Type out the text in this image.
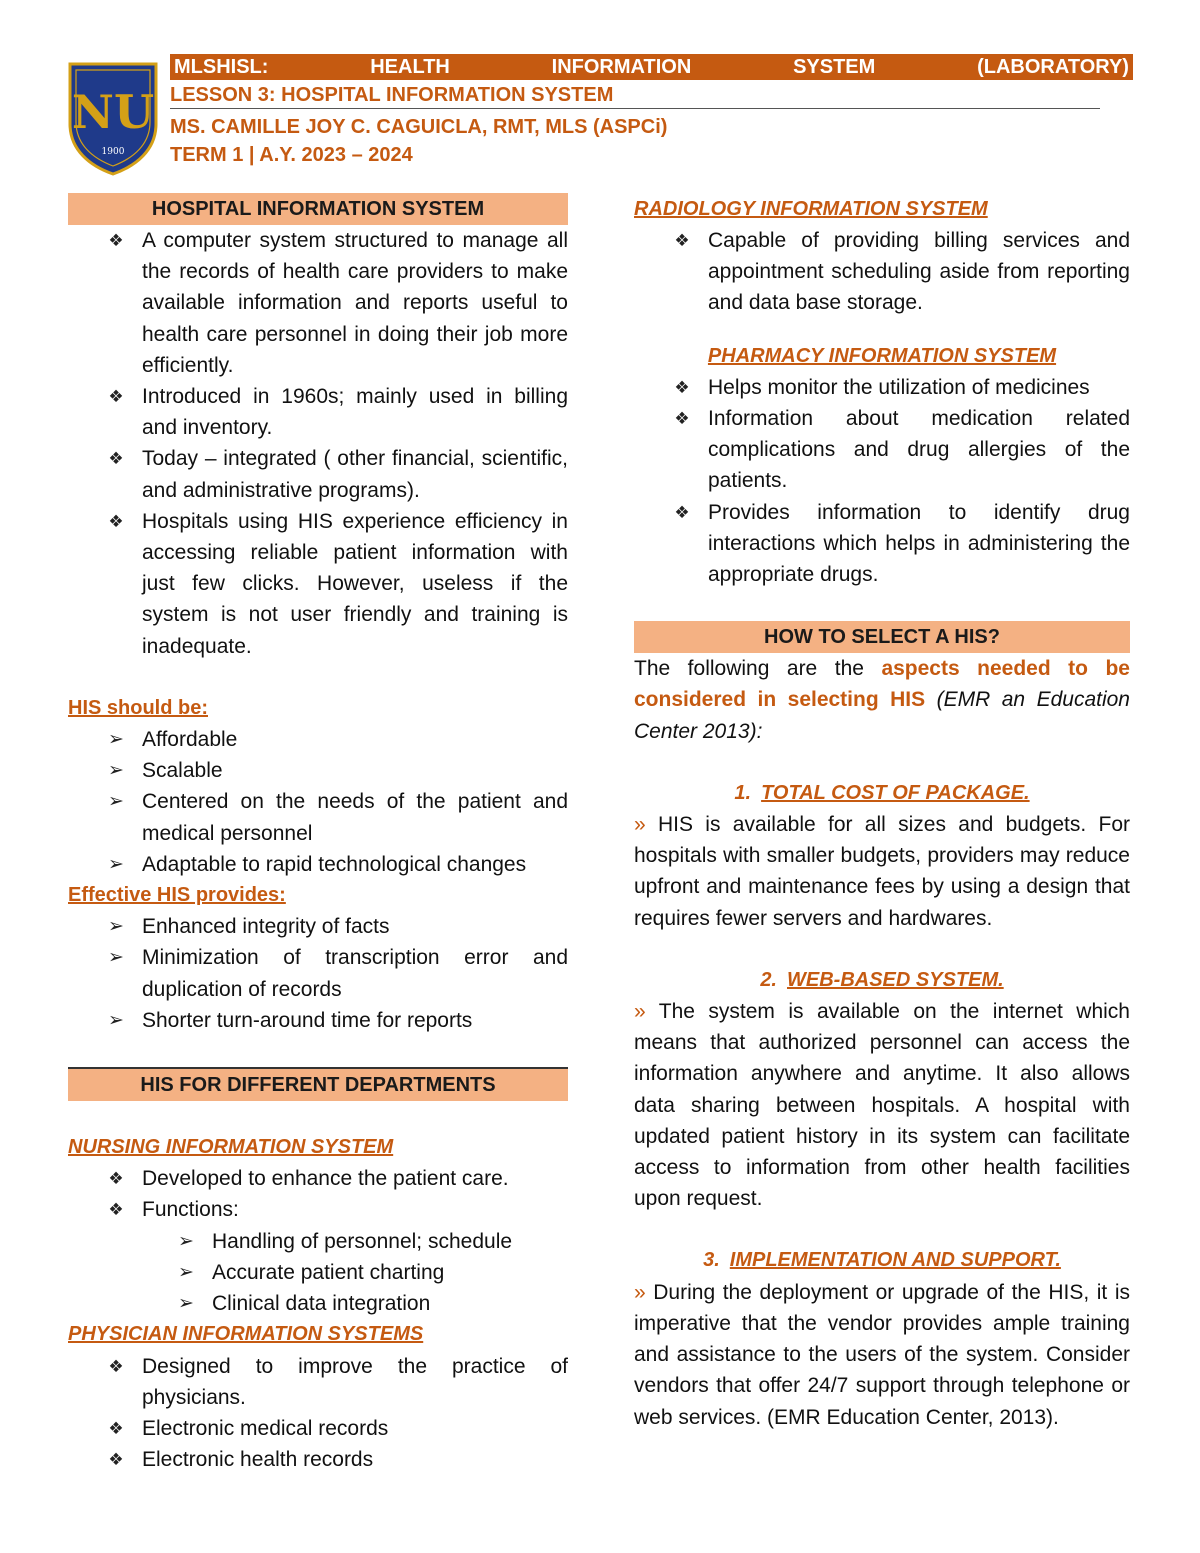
NU
1900
MLSHISL:	HEALTH	INFORMATION	SYSTEM	(LABORATORY)
LESSON 3: HOSPITAL INFORMATION SYSTEM
MS. CAMILLE JOY C. CAGUICLA, RMT, MLS (ASPCi)
TERM 1 | A.Y. 2023 – 2024
HOSPITAL INFORMATION SYSTEM
❖ A computer system structured to manage all the records of health care providers to make available information and reports useful to health care personnel in doing their job more efficiently.
❖ Introduced in 1960s; mainly used in billing and inventory.
❖ Today – integrated ( other financial, scientific, and administrative programs).
❖ Hospitals using HIS experience efficiency in accessing reliable patient information with just few clicks. However, useless if the system is not user friendly and training is inadequate.
HIS should be:
➢ Affordable
➢ Scalable
➢ Centered on the needs of the patient and medical personnel
➢ Adaptable to rapid technological changes
Effective HIS provides:
➢ Enhanced integrity of facts
➢ Minimization of transcription error and duplication of records
➢ Shorter turn-around time for reports
HIS FOR DIFFERENT DEPARTMENTS
NURSING INFORMATION SYSTEM
❖ Developed to enhance the patient care.
❖ Functions:
➢ Handling of personnel; schedule
➢ Accurate patient charting
➢ Clinical data integration
PHYSICIAN INFORMATION SYSTEMS
❖ Designed to improve the practice of physicians.
❖ Electronic medical records
❖ Electronic health records
RADIOLOGY INFORMATION SYSTEM
❖ Capable of providing billing services and appointment scheduling aside from reporting and data base storage.
PHARMACY INFORMATION SYSTEM
❖ Helps monitor the utilization of medicines
❖ Information about medication related complications and drug allergies of the patients.
❖ Provides information to identify drug interactions which helps in administering the appropriate drugs.
HOW TO SELECT A HIS?

The following are the aspects needed to be considered in selecting HIS (EMR an Education Center 2013):

1. TOTAL COST OF PACKAGE.

» HIS is available for all sizes and budgets. For hospitals with smaller budgets, providers may reduce upfront and maintenance fees by using a design that requires fewer servers and hardwares.

2. WEB-BASED SYSTEM.

» The system is available on the internet which means that authorized personnel can access the information anywhere and anytime. It also allows data sharing between hospitals. A hospital with updated patient history in its system can facilitate access to information from other health facilities upon request.

3. IMPLEMENTATION AND SUPPORT.

» During the deployment or upgrade of the HIS, it is imperative that the vendor provides ample training and assistance to the users of the system. Consider vendors that offer 24/7 support through telephone or web services. (EMR Education Center, 2013).
